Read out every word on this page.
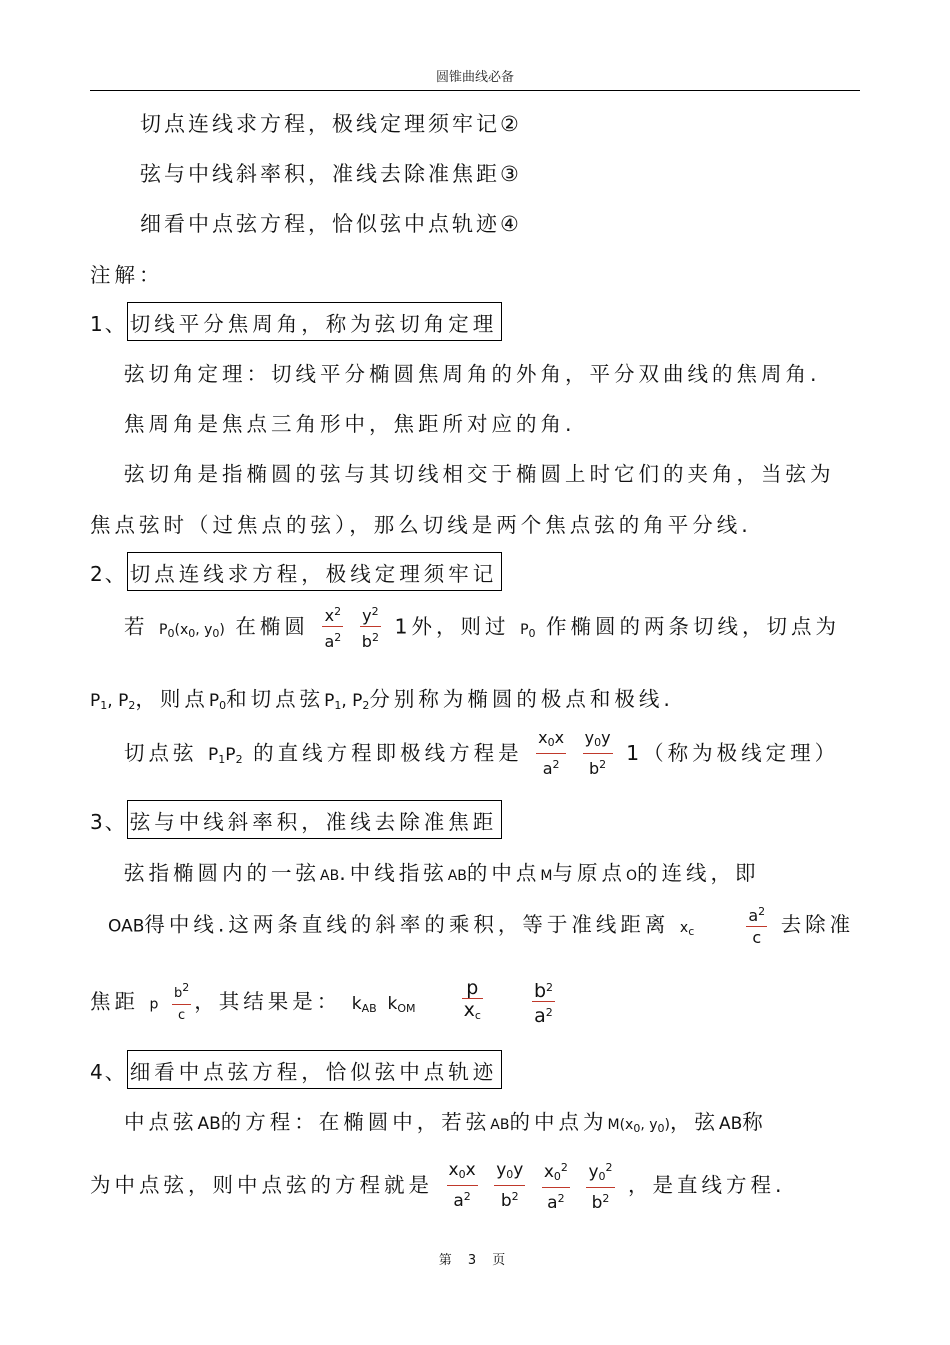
圆锥曲线必备
切点连线求方程，极线定理须牢记②
弦与中线斜率积，准线去除准焦距③
细看中点弦方程，恰似弦中点轨迹④
注解：
1、 切线平分焦周角，称为弦切角定理
弦切角定理：切线平分椭圆焦周角的外角，平分双曲线的焦周角.
焦周角是焦点三角形中，焦距所对应的角.
弦切角是指椭圆的弦与其切线相交于椭圆上时它们的夹角，当弦为
焦点弦时（过焦点的弦），那么切线是两个焦点弦的角平分线.
2、 切点连线求方程，极线定理须牢记
若 $P_0(x_0$, $y_0$) 在椭圆 $\frac{x^2}{a^2}$
$\frac{y^2}{b^2} 1$外，则过 $P_0$ 作椭圆的两条切线，切点为
$P_1$, $P_2$，则点$P_0$和切点弦$P_1$, $P_2$分别称为椭圆的极点和极线.
切点弦 $P_1P_2$ 的直线方程即极线方程是 $\frac{x_0x}{a^2}$
$\frac{y_0y}{b^2} 1$（称为极线定理）
3、 弦与中线斜率积，准线去除准焦距
弦指椭圆内的一弦AB.中线指弦AB的中点M与原点O的连线，即
OAB得中线.这两条直线的斜率的乘积，等于准线距离 $x_c$	$\frac{a^2}{c}$ 去除准
焦距 p $\frac{b^2}{c}$ ，其结果是： $k_{AB}$  $k_{OM} \frac{p}{x_c}$
	$\frac{b^2}{a^2}$
4、 细看中点弦方程，恰似弦中点轨迹
中点弦AB的方程：在椭圆中，若弦AB的中点为$M(x_0$, $y_0$)，弦AB称
为中点弦，则中点弦的方程就是 $\frac{x_0x}{a^2}$
$\frac{y_0y}{b^2}$
$\frac{x_0^2}{a^2}$
$\frac{y_0^2}{b^2}$ ，是直线方程.
第 3 页
